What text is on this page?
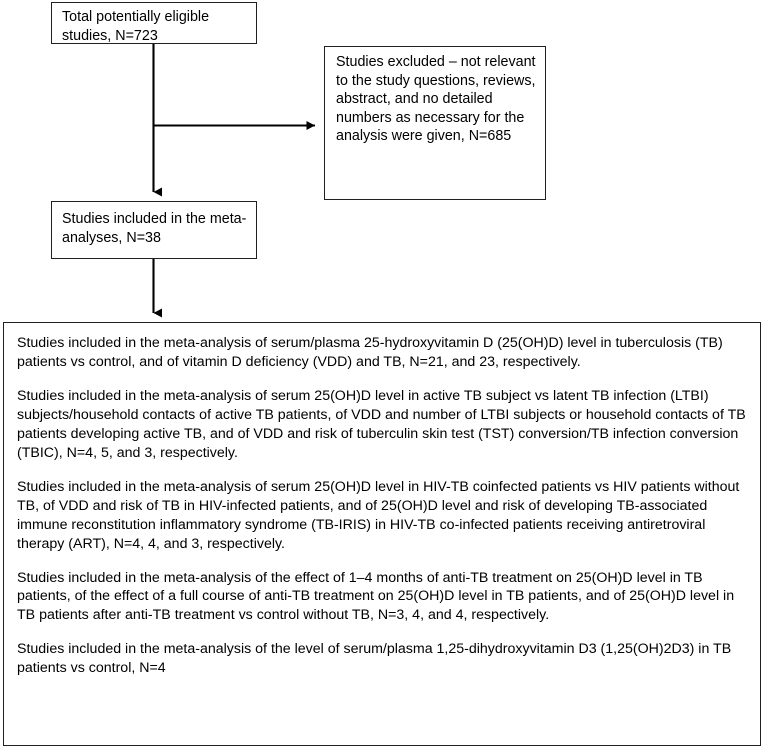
Total potentially eligible studies, N=723
Studies excluded – not relevant to the study questions, reviews, abstract, and no detailed numbers as necessary for the analysis were given, N=685
Studies included in the meta-analyses, N=38

Studies included in the meta-analysis of serum/plasma 25-hydroxyvitamin D (25(OH)D) level in tuberculosis (TB) patients vs control, and of vitamin D deficiency (VDD) and TB, N=21, and 23, respectively.

Studies included in the meta-analysis of serum 25(OH)D level in active TB subject vs latent TB infection (LTBI) subjects/household contacts of active TB patients, of VDD and number of LTBI subjects or household contacts of TB patients developing active TB, and of VDD and risk of tuberculin skin test (TST) conversion/TB infection conversion (TBIC), N=4, 5, and 3, respectively.

Studies included in the meta-analysis of serum 25(OH)D level in HIV-TB coinfected patients vs HIV patients without TB, of VDD and risk of TB in HIV-infected patients, and of 25(OH)D level and risk of developing TB-associated immune reconstitution inflammatory syndrome (TB-IRIS) in HIV-TB co-infected patients receiving antiretroviral therapy (ART), N=4, 4, and 3, respectively.

Studies included in the meta-analysis of the effect of 1–4 months of anti-TB treatment on 25(OH)D level in TB patients, of the effect of a full course of anti-TB treatment on 25(OH)D level in TB patients, and of 25(OH)D level in TB patients after anti-TB treatment vs control without TB, N=3, 4, and 4, respectively.

Studies included in the meta-analysis of the level of serum/plasma 1,25-dihydroxyvitamin D3 (1,25(OH)2D3) in TB patients vs control, N=4
